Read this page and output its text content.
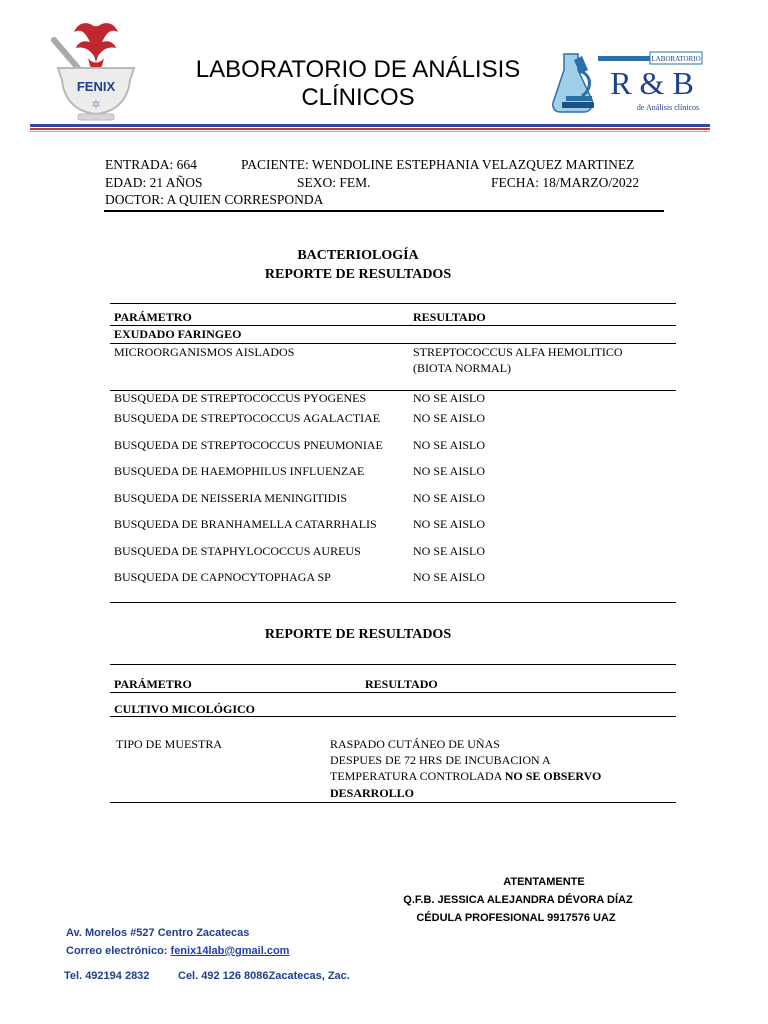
FENIX
✲
LABORATORIO DE ANÁLISIS
CLÍNICOS
LABORATORIO
R & B
de Análisis clínicos
ENTRADA: 664	PACIENTE: WENDOLINE ESTEPHANIA VELAZQUEZ MARTINEZ
EDAD: 21 AÑOS	SEXO: FEM.	FECHA: 18/MARZO/2022
DOCTOR: A QUIEN CORRESPONDA
BACTERIOLOGÍA
REPORTE DE RESULTADOS
PARÁMETRO	RESULTADO
EXUDADO FARINGEO
MICROORGANISMOS AISLADOS	STREPTOCOCCUS ALFA HEMOLITICO
(BIOTA NORMAL)
BUSQUEDA DE STREPTOCOCCUS PYOGENES	NO SE AISLO
BUSQUEDA DE STREPTOCOCCUS AGALACTIAE	NO SE AISLO
BUSQUEDA DE STREPTOCOCCUS PNEUMONIAE	NO SE AISLO
BUSQUEDA DE HAEMOPHILUS INFLUENZAE	NO SE AISLO
BUSQUEDA DE NEISSERIA MENINGITIDIS	NO SE AISLO
BUSQUEDA DE BRANHAMELLA CATARRHALIS	NO SE AISLO
BUSQUEDA DE STAPHYLOCOCCUS AUREUS	NO SE AISLO
BUSQUEDA DE CAPNOCYTOPHAGA SP	NO SE AISLO
REPORTE DE RESULTADOS
PARÁMETRO	RESULTADO
CULTIVO MICOLÓGICO
TIPO DE MUESTRA	RASPADO CUTÁNEO DE UÑAS
DESPUES DE 72 HRS DE INCUBACION A
TEMPERATURA CONTROLADA NO SE OBSERVO
DESARROLLO
ATENTAMENTE
Q.F.B. JESSICA ALEJANDRA DÉVORA DÍAZ
CÉDULA PROFESIONAL 9917576 UAZ
Av. Morelos #527 Centro Zacatecas
Correo electrónico: fenix14lab@gmail.com
Tel. 492194 2832	Cel. 492 126 8086Zacatecas, Zac.
